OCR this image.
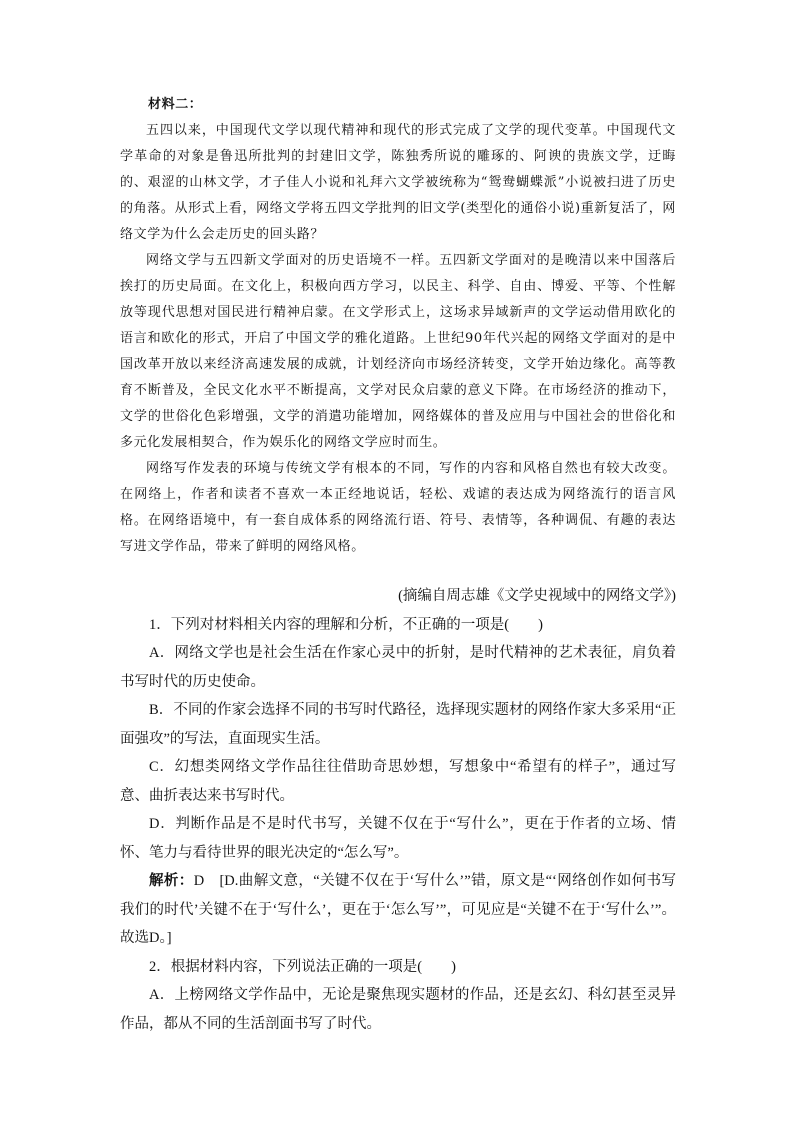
材料二：

五四以来，中国现代文学以现代精神和现代的形式完成了文学的现代变革。中国现代文学革命的对象是鲁迅所批判的封建旧文学，陈独秀所说的雕琢的、阿谀的贵族文学，迂晦的、艰涩的山林文学，才子佳人小说和礼拜六文学被统称为“鸳鸯蝴蝶派”小说被扫进了历史的角落。从形式上看，网络文学将五四文学批判的旧文学(类型化的通俗小说)重新复活了，网络文学为什么会走历史的回头路？

网络文学与五四新文学面对的历史语境不一样。五四新文学面对的是晚清以来中国落后挨打的历史局面。在文化上，积极向西方学习，以民主、科学、自由、博爱、平等、个性解放等现代思想对国民进行精神启蒙。在文学形式上，这场求异域新声的文学运动借用欧化的语言和欧化的形式，开启了中国文学的雅化道路。上世纪90年代兴起的网络文学面对的是中国改革开放以来经济高速发展的成就，计划经济向市场经济转变，文学开始边缘化。高等教育不断普及，全民文化水平不断提高，文学对民众启蒙的意义下降。在市场经济的推动下，文学的世俗化色彩增强，文学的消遣功能增加，网络媒体的普及应用与中国社会的世俗化和多元化发展相契合，作为娱乐化的网络文学应时而生。

网络写作发表的环境与传统文学有根本的不同，写作的内容和风格自然也有较大改变。在网络上，作者和读者不喜欢一本正经地说话，轻松、戏谑的表达成为网络流行的语言风格。在网络语境中，有一套自成体系的网络流行语、符号、表情等，各种调侃、有趣的表达写进文学作品，带来了鲜明的网络风格。

(摘编自周志雄《文学史视域中的网络文学》)

1．下列对材料相关内容的理解和分析，不正确的一项是(　　)

A．网络文学也是社会生活在作家心灵中的折射，是时代精神的艺术表征，肩负着书写时代的历史使命。

B．不同的作家会选择不同的书写时代路径，选择现实题材的网络作家大多采用“正面强攻”的写法，直面现实生活。

C．幻想类网络文学作品往往借助奇思妙想，写想象中“希望有的样子”，通过写意、曲折表达来书写时代。

D．判断作品是不是时代书写，关键不仅在于“写什么”，更在于作者的立场、情怀、笔力与看待世界的眼光决定的“怎么写”。

解析：D　[D.曲解文意，“关键不仅在于‘写什么’”错，原文是“‘网络创作如何书写我们的时代’关键不在于‘写什么’，更在于‘怎么写’”，可见应是“关键不在于‘写什么’”。故选D。]

2．根据材料内容，下列说法正确的一项是(　　)

A．上榜网络文学作品中，无论是聚焦现实题材的作品，还是玄幻、科幻甚至灵异作品，都从不同的生活剖面书写了时代。
